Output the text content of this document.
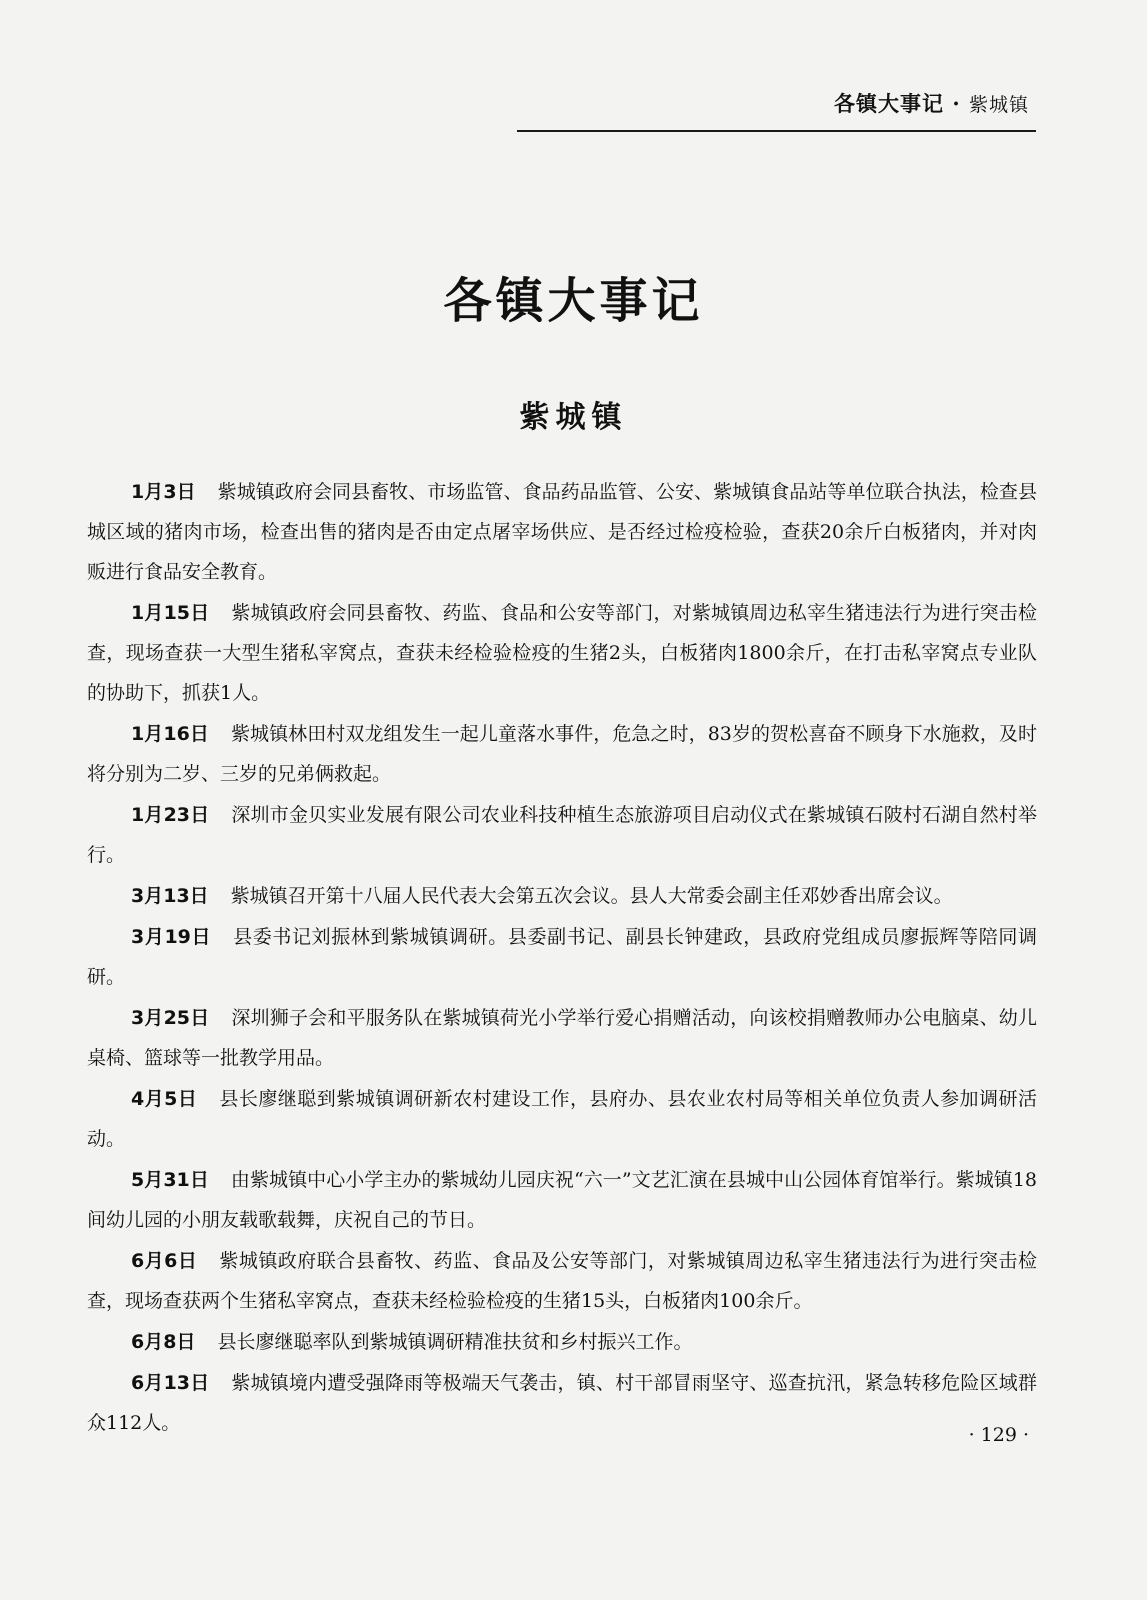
各镇大事记 · 紫城镇
各镇大事记
紫城镇

1月3日 紫城镇政府会同县畜牧、市场监管、食品药品监管、公安、紫城镇食品站等单位联合执法，检查县城区域的猪肉市场，检查出售的猪肉是否由定点屠宰场供应、是否经过检疫检验，查获20余斤白板猪肉，并对肉贩进行食品安全教育。

1月15日 紫城镇政府会同县畜牧、药监、食品和公安等部门，对紫城镇周边私宰生猪违法行为进行突击检查，现场查获一大型生猪私宰窝点，查获未经检验检疫的生猪2头，白板猪肉1800余斤，在打击私宰窝点专业队的协助下，抓获1人。

1月16日 紫城镇林田村双龙组发生一起儿童落水事件，危急之时，83岁的贺松喜奋不顾身下水施救，及时将分别为二岁、三岁的兄弟俩救起。

1月23日 深圳市金贝实业发展有限公司农业科技种植生态旅游项目启动仪式在紫城镇石陂村石湖自然村举行。

3月13日 紫城镇召开第十八届人民代表大会第五次会议。县人大常委会副主任邓妙香出席会议。

3月19日 县委书记刘振林到紫城镇调研。县委副书记、副县长钟建政，县政府党组成员廖振辉等陪同调研。

3月25日 深圳狮子会和平服务队在紫城镇荷光小学举行爱心捐赠活动，向该校捐赠教师办公电脑桌、幼儿桌椅、篮球等一批教学用品。

4月5日 县长廖继聪到紫城镇调研新农村建设工作，县府办、县农业农村局等相关单位负责人参加调研活动。

5月31日 由紫城镇中心小学主办的紫城幼儿园庆祝“六一”文艺汇演在县城中山公园体育馆举行。紫城镇18间幼儿园的小朋友载歌载舞，庆祝自己的节日。

6月6日 紫城镇政府联合县畜牧、药监、食品及公安等部门，对紫城镇周边私宰生猪违法行为进行突击检查，现场查获两个生猪私宰窝点，查获未经检验检疫的生猪15头，白板猪肉100余斤。

6月8日 县长廖继聪率队到紫城镇调研精准扶贫和乡村振兴工作。

6月13日 紫城镇境内遭受强降雨等极端天气袭击，镇、村干部冒雨坚守、巡查抗汛，紧急转移危险区域群众112人。

· 129 ·
